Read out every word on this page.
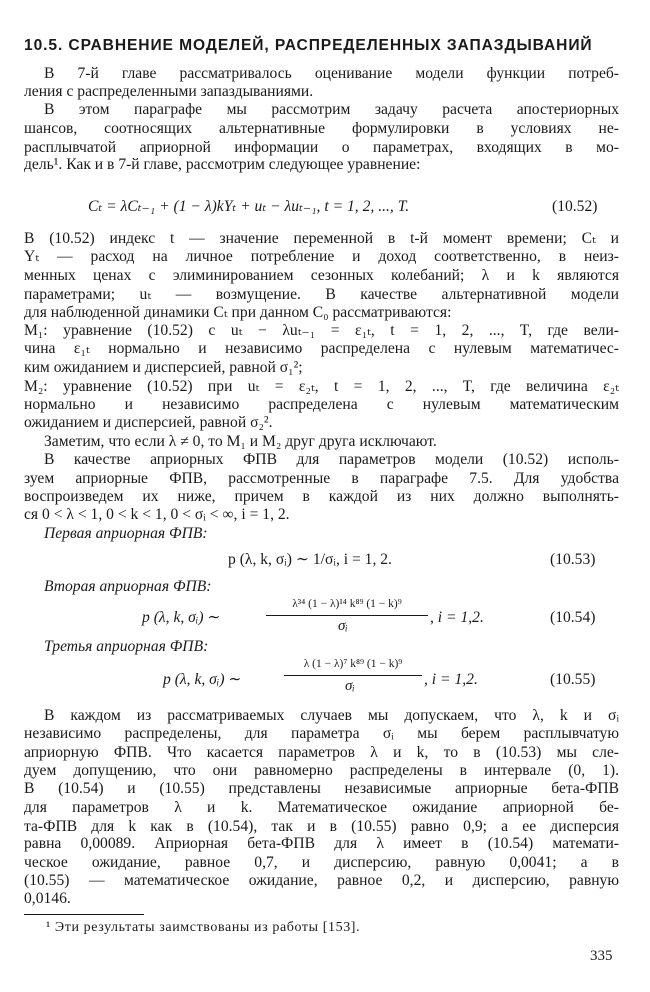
10.5. СРАВНЕНИЕ МОДЕЛЕЙ, РАСПРЕДЕЛЕННЫХ ЗАПАЗДЫВАНИЙ
В 7-й главе рассматривалось оценивание модели функции потреб-
ления с распределенными запаздываниями.
В этом параграфе мы рассмотрим задачу расчета апостериорных
шансов, соотносящих альтернативные формулировки в условиях не-
расплывчатой априорной информации о параметрах, входящих в мо-
дель¹. Как и в 7-й главе, рассмотрим следующее уравнение:
Cₜ = λCₜ₋₁ + (1 − λ)kYₜ + uₜ − λuₜ₋₁, t = 1, 2, ..., T.	(10.52)
В (10.52) индекс t — значение переменной в t-й момент времени; Cₜ и
Yₜ — расход на личное потребление и доход соответственно, в неиз-
менных ценах с элиминированием сезонных колебаний; λ и k являются
параметрами; uₜ — возмущение. В качестве альтернативной модели
для наблюденной динамики Cₜ при данном C₀ рассматриваются:
M₁: уравнение (10.52) с uₜ − λuₜ₋₁ = ε₁ₜ, t = 1, 2, ..., T, где вели-
чина ε₁ₜ нормально и независимо распределена с нулевым математичес-
ким ожиданием и дисперсией, равной σ₁²;
M₂: уравнение (10.52) при uₜ = ε₂ₜ, t = 1, 2, ..., T, где величина ε₂ₜ
нормально и независимо распределена с нулевым математическим
ожиданием и дисперсией, равной σ₂².
Заметим, что если λ ≠ 0, то M₁ и M₂ друг друга исключают.
В качестве априорных ФПВ для параметров модели (10.52) исполь-
зуем априорные ФПВ, рассмотренные в параграфе 7.5. Для удобства
воспроизведем их ниже, причем в каждой из них должно выполнять-
ся 0 < λ < 1, 0 < k < 1, 0 < σᵢ < ∞, i = 1, 2.
Первая априорная ФПВ:
p (λ, k, σᵢ) ∼ 1/σᵢ, i = 1, 2.	(10.53)
Вторая априорная ФПВ:
p (λ, k, σᵢ) ∼
λ³⁴ (1 − λ)¹⁴ k⁸⁹ (1 − k)⁹
σᵢ	, i = 1,2.	(10.54)
Третья априорная ФПВ:
p (λ, k, σᵢ) ∼
λ (1 − λ)⁷ k⁸⁹ (1 − k)⁹
σᵢ	, i = 1,2.	(10.55)
В каждом из рассматриваемых случаев мы допускаем, что λ, k и σᵢ
независимо распределены, для параметра σᵢ мы берем расплывчатую
априорную ФПВ. Что касается параметров λ и k, то в (10.53) мы сле-
дуем допущению, что они равномерно распределены в интервале (0, 1).
В (10.54) и (10.55) представлены независимые априорные бета-ФПВ
для параметров λ и k. Математическое ожидание априорной бе-
та-ФПВ для k как в (10.54), так и в (10.55) равно 0,9; а ее дисперсия
равна 0,00089. Априорная бета-ФПВ для λ имеет в (10.54) математи-
ческое ожидание, равное 0,7, и дисперсию, равную 0,0041; а в
(10.55) — математическое ожидание, равное 0,2, и дисперсию, равную
0,0146.
¹ Эти результаты заимствованы из работы [153].
335
